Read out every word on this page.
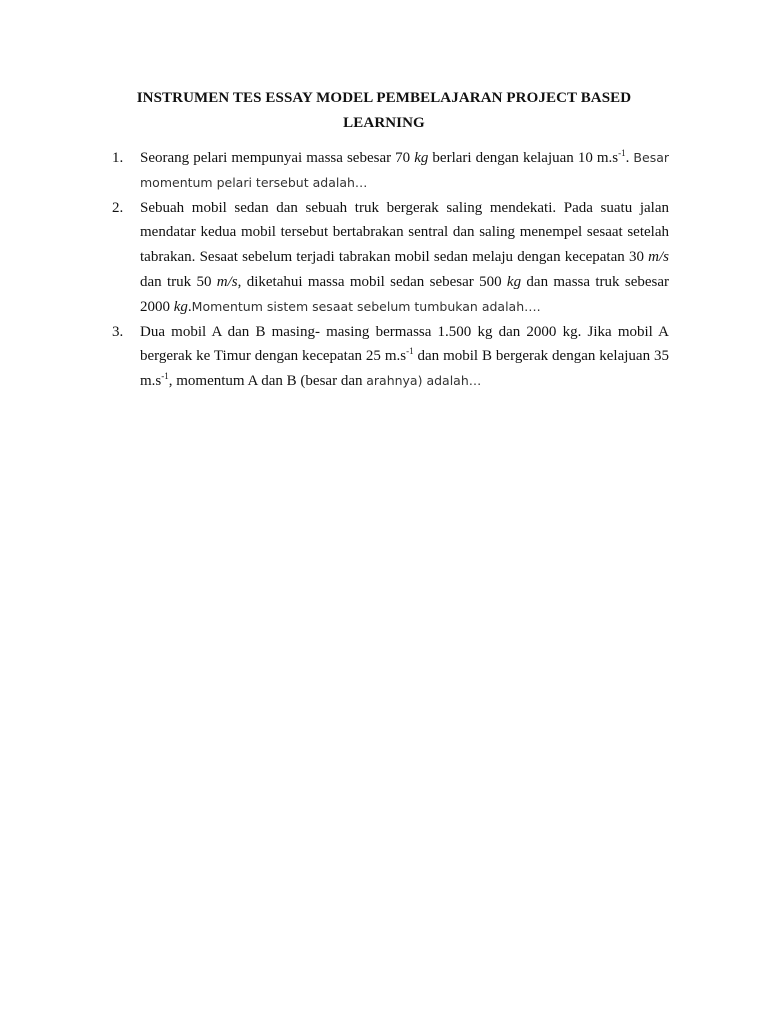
INSTRUMEN TES ESSAY MODEL PEMBELAJARAN PROJECT BASED LEARNING
1. Seorang pelari mempunyai massa sebesar 70 kg berlari dengan kelajuan 10 $m.s^{-1}$. Besar momentum pelari tersebut adalah…
2. Sebuah mobil sedan dan sebuah truk bergerak saling mendekati. Pada suatu jalan mendatar kedua mobil tersebut bertabrakan sentral dan saling menempel sesaat setelah tabrakan. Sesaat sebelum terjadi tabrakan mobil sedan melaju dengan kecepatan 30 m/s dan truk 50 m/s, diketahui massa mobil sedan sebesar 500 kg dan massa truk sebesar 2000 kg.Momentum sistem sesaat sebelum tumbukan adalah….
3. Dua mobil A dan B masing- masing bermassa 1.500 kg dan 2000 kg. Jika mobil A bergerak ke Timur dengan kecepatan 25 $m.s^{-1}$ dan mobil B bergerak dengan kelajuan 35 $m.s^{-1}$, momentum A dan B (besar dan arahnya) adalah…
